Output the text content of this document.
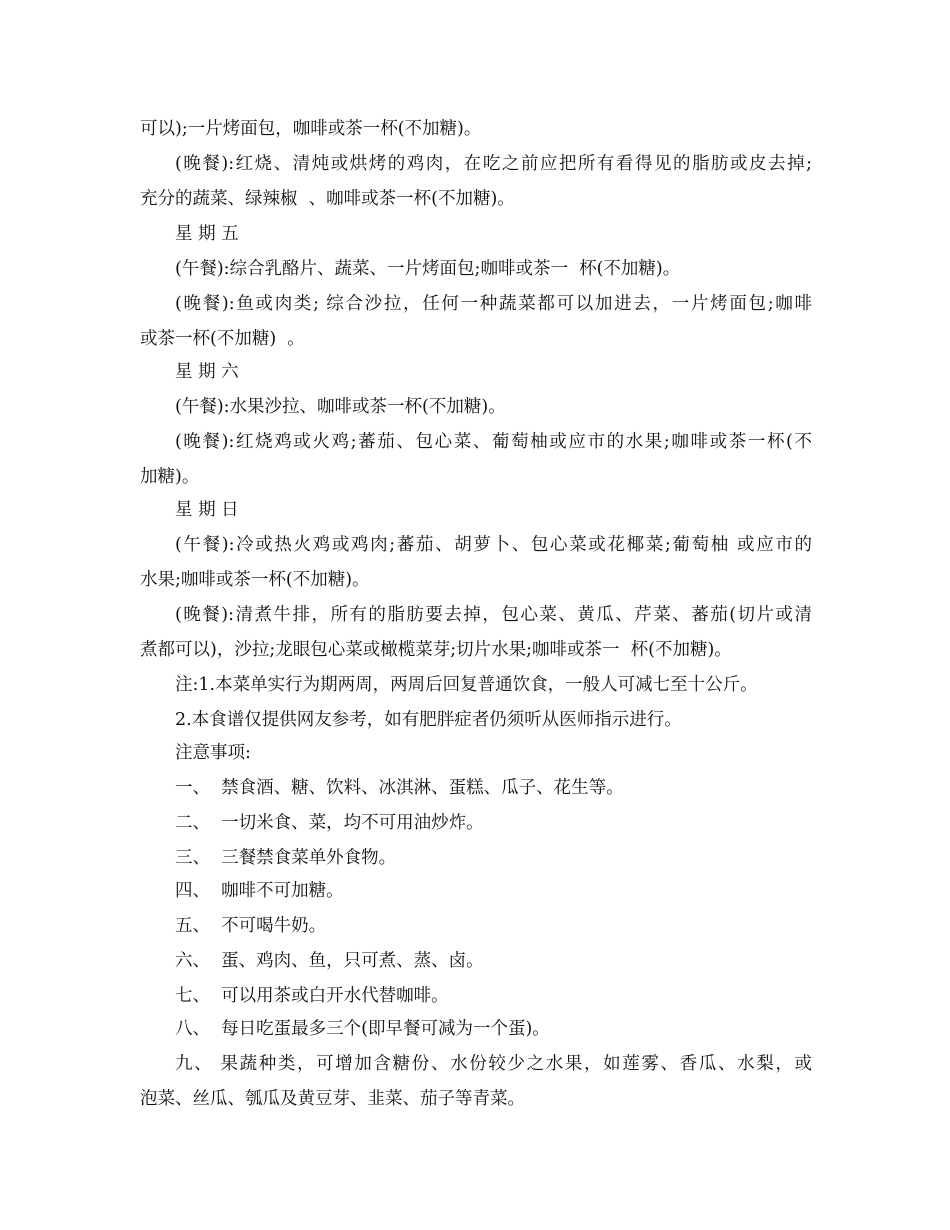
可以);一片烤面包，咖啡或茶一杯(不加糖)。
(晚餐):红烧、清炖或烘烤的鸡肉，在吃之前应把所有看得见的脂肪或皮去掉;
充分的蔬菜、绿辣椒  、咖啡或茶一杯(不加糖)。
星 期 五
(午餐):综合乳酪片、蔬菜、一片烤面包;咖啡或茶一  杯(不加糖)。
(晚餐):鱼或肉类; 综合沙拉，任何一种蔬菜都可以加进去，一片烤面包;咖啡
或茶一杯(不加糖)  。
星 期 六
(午餐):水果沙拉、咖啡或茶一杯(不加糖)。
(晚餐):红烧鸡或火鸡;蕃茄、包心菜、葡萄柚或应市的水果;咖啡或茶一杯(不
加糖)。
星 期 日
(午餐):冷或热火鸡或鸡肉;蕃茄、胡萝卜、包心菜或花椰菜;葡萄柚 或应市的
水果;咖啡或茶一杯(不加糖)。
(晚餐):清煮牛排，所有的脂肪要去掉，包心菜、黄瓜、芹菜、蕃茄(切片或清
煮都可以)，沙拉;龙眼包心菜或橄榄菜芽;切片水果;咖啡或茶一  杯(不加糖)。
注:1.本菜单实行为期两周，两周后回复普通饮食，一般人可减七至十公斤。
2.本食谱仅提供网友参考，如有肥胖症者仍须听从医师指示进行。
注意事项:
一、  禁食酒、糖、饮料、冰淇淋、蛋糕、瓜子、花生等。
二、  一切米食、菜，均不可用油炒炸。
三、  三餐禁食菜单外食物。
四、  咖啡不可加糖。
五、  不可喝牛奶。
六、  蛋、鸡肉、鱼，只可煮、蒸、卤。
七、  可以用茶或白开水代替咖啡。
八、  每日吃蛋最多三个(即早餐可减为一个蛋)。
九、 果蔬种类，可增加含糖份、水份较少之水果，如莲雾、香瓜、水梨，或
泡菜、丝瓜、瓠瓜及黄豆芽、韭菜、茄子等青菜。
